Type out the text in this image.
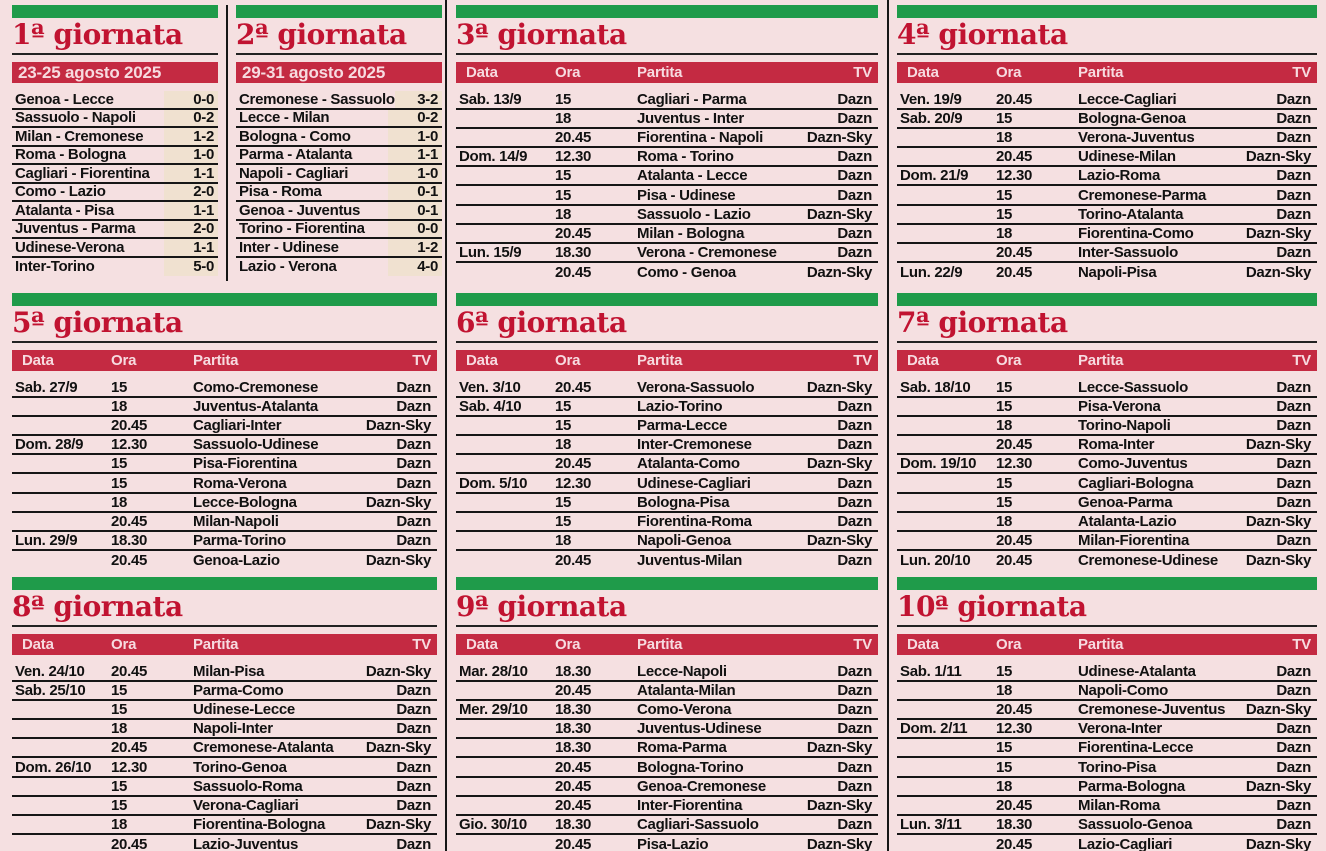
1ª giornata
23-25 agosto 2025
Genoa - Lecce	0-0
Sassuolo - Napoli	0-2
Milan - Cremonese	1-2
Roma - Bologna	1-0
Cagliari - Fiorentina	1-1
Como - Lazio	2-0
Atalanta - Pisa	1-1
Juventus - Parma	2-0
Udinese-Verona	1-1
Inter-Torino	5-0
2ª giornata
29-31 agosto 2025
Cremonese - Sassuolo	3-2
Lecce - Milan	0-2
Bologna - Como	1-0
Parma - Atalanta	1-1
Napoli - Cagliari	1-0
Pisa - Roma	0-1
Genoa - Juventus	0-1
Torino - Fiorentina	0-0
Inter - Udinese	1-2
Lazio - Verona	4-0
3ª giornata
Data	Ora	Partita	TV
Sab. 13/9	15	Cagliari - Parma	Dazn
18	Juventus - Inter	Dazn
20.45	Fiorentina - Napoli	Dazn-Sky
Dom. 14/9	12.30	Roma - Torino	Dazn
15	Atalanta - Lecce	Dazn
15	Pisa - Udinese	Dazn
18	Sassuolo - Lazio	Dazn-Sky
20.45	Milan - Bologna	Dazn
Lun. 15/9	18.30	Verona - Cremonese	Dazn
20.45	Como - Genoa	Dazn-Sky
4ª giornata
Data	Ora	Partita	TV
Ven. 19/9	20.45	Lecce-Cagliari	Dazn
Sab. 20/9	15	Bologna-Genoa	Dazn
18	Verona-Juventus	Dazn
20.45	Udinese-Milan	Dazn-Sky
Dom. 21/9	12.30	Lazio-Roma	Dazn
15	Cremonese-Parma	Dazn
15	Torino-Atalanta	Dazn
18	Fiorentina-Como	Dazn-Sky
20.45	Inter-Sassuolo	Dazn
Lun. 22/9	20.45	Napoli-Pisa	Dazn-Sky
5ª giornata
Data	Ora	Partita	TV
Sab. 27/9	15	Como-Cremonese	Dazn
18	Juventus-Atalanta	Dazn
20.45	Cagliari-Inter	Dazn-Sky
Dom. 28/9	12.30	Sassuolo-Udinese	Dazn
15	Pisa-Fiorentina	Dazn
15	Roma-Verona	Dazn
18	Lecce-Bologna	Dazn-Sky
20.45	Milan-Napoli	Dazn
Lun. 29/9	18.30	Parma-Torino	Dazn
20.45	Genoa-Lazio	Dazn-Sky
6ª giornata
Data	Ora	Partita	TV
Ven. 3/10	20.45	Verona-Sassuolo	Dazn-Sky
Sab. 4/10	15	Lazio-Torino	Dazn
15	Parma-Lecce	Dazn
18	Inter-Cremonese	Dazn
20.45	Atalanta-Como	Dazn-Sky
Dom. 5/10	12.30	Udinese-Cagliari	Dazn
15	Bologna-Pisa	Dazn
15	Fiorentina-Roma	Dazn
18	Napoli-Genoa	Dazn-Sky
20.45	Juventus-Milan	Dazn
7ª giornata
Data	Ora	Partita	TV
Sab. 18/10	15	Lecce-Sassuolo	Dazn
15	Pisa-Verona	Dazn
18	Torino-Napoli	Dazn
20.45	Roma-Inter	Dazn-Sky
Dom. 19/10	12.30	Como-Juventus	Dazn
15	Cagliari-Bologna	Dazn
15	Genoa-Parma	Dazn
18	Atalanta-Lazio	Dazn-Sky
20.45	Milan-Fiorentina	Dazn
Lun. 20/10	20.45	Cremonese-Udinese	Dazn-Sky
8ª giornata
Data	Ora	Partita	TV
Ven. 24/10	20.45	Milan-Pisa	Dazn-Sky
Sab. 25/10	15	Parma-Como	Dazn
15	Udinese-Lecce	Dazn
18	Napoli-Inter	Dazn
20.45	Cremonese-Atalanta	Dazn-Sky
Dom. 26/10	12.30	Torino-Genoa	Dazn
15	Sassuolo-Roma	Dazn
15	Verona-Cagliari	Dazn
18	Fiorentina-Bologna	Dazn-Sky
20.45	Lazio-Juventus	Dazn
9ª giornata
Data	Ora	Partita	TV
Mar. 28/10	18.30	Lecce-Napoli	Dazn
20.45	Atalanta-Milan	Dazn
Mer. 29/10	18.30	Como-Verona	Dazn
18.30	Juventus-Udinese	Dazn
18.30	Roma-Parma	Dazn-Sky
20.45	Bologna-Torino	Dazn
20.45	Genoa-Cremonese	Dazn
20.45	Inter-Fiorentina	Dazn-Sky
Gio. 30/10	18.30	Cagliari-Sassuolo	Dazn
20.45	Pisa-Lazio	Dazn-Sky
10ª giornata
Data	Ora	Partita	TV
Sab. 1/11	15	Udinese-Atalanta	Dazn
18	Napoli-Como	Dazn
20.45	Cremonese-Juventus	Dazn-Sky
Dom. 2/11	12.30	Verona-Inter	Dazn
15	Fiorentina-Lecce	Dazn
15	Torino-Pisa	Dazn
18	Parma-Bologna	Dazn-Sky
20.45	Milan-Roma	Dazn
Lun. 3/11	18.30	Sassuolo-Genoa	Dazn
20.45	Lazio-Cagliari	Dazn-Sky
